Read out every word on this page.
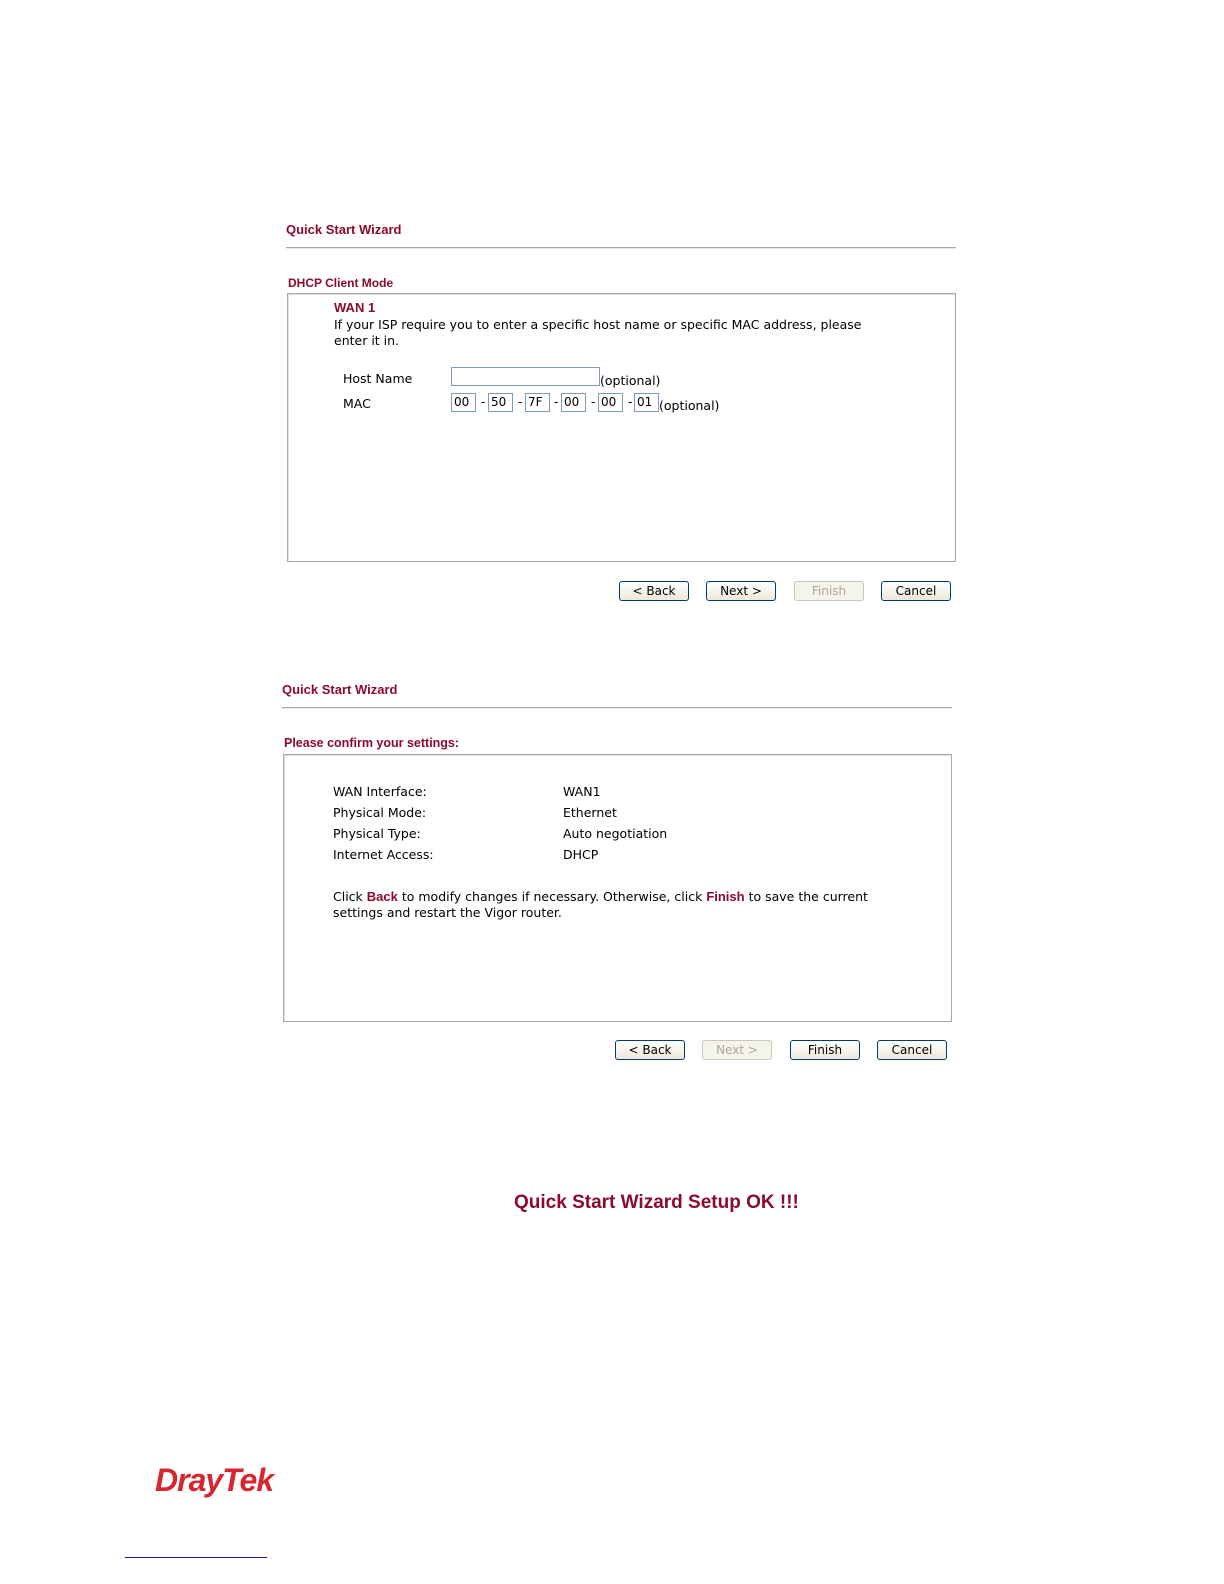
Quick Start Wizard
DHCP Client Mode
WAN 1
If your ISP require you to enter a specific host name or specific MAC address, please
enter it in.
Host Name	(optional)
MAC	00 - 50 - 7F - 00 - 00 - 01 (optional)
< Back	Next >	Finish	Cancel
Quick Start Wizard
Please confirm your settings:
WAN Interface:	WAN1
Physical Mode:	Ethernet
Physical Type:	Auto negotiation
Internet Access:	DHCP
Click Back to modify changes if necessary. Otherwise, click Finish to save the current
settings and restart the Vigor router.
< Back	Next >	Finish	Cancel
Quick Start Wizard Setup OK !!!
DrayTek
